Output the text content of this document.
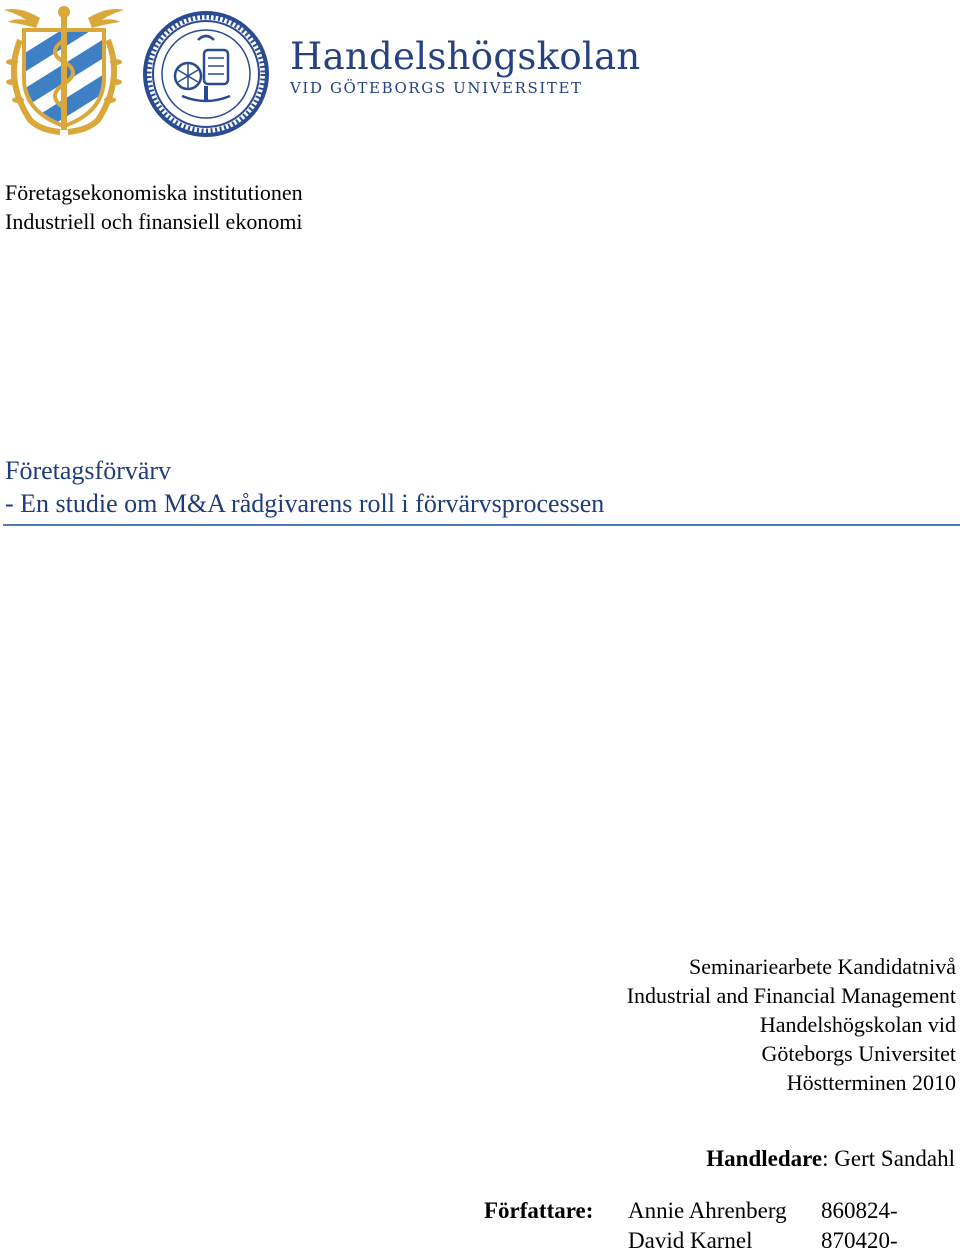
Handelshögskolan
VID GÖTEBORGS UNIVERSITET
Företagsekonomiska institutionen
Industriell och finansiell ekonomi
Företagsförvärv
- En studie om M&A rådgivarens roll i förvärvsprocessen
Seminariearbete Kandidatnivå
Industrial and Financial Management
Handelshögskolan vid
Göteborgs Universitet
Höstterminen 2010
Handledare: Gert Sandahl
Författare: Annie Ahrenberg 860824-
David Karnel	870420-
